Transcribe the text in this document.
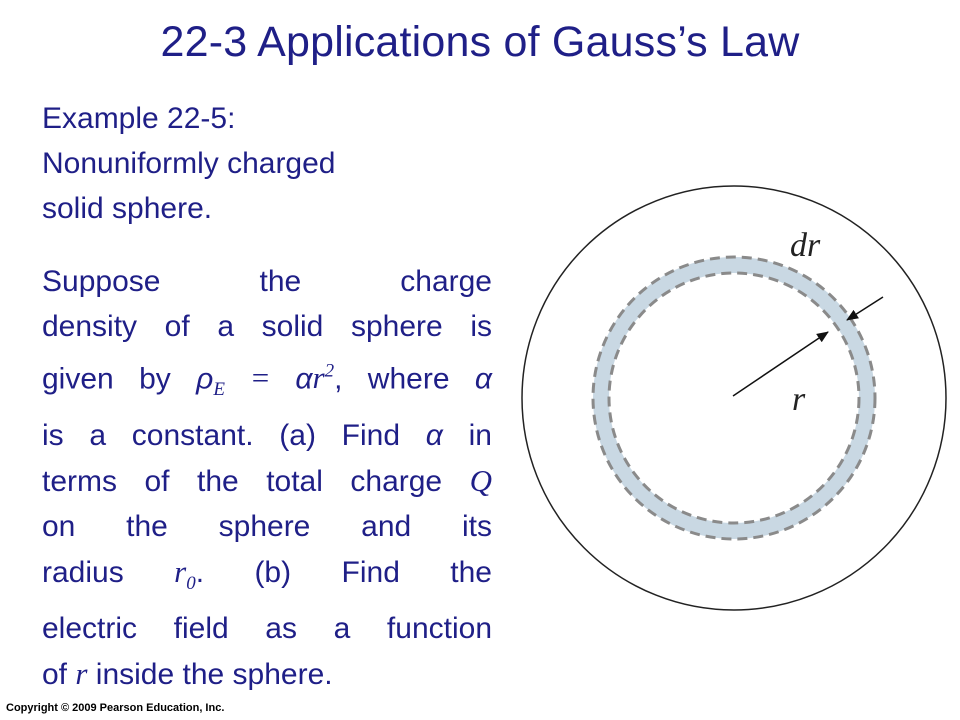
22-3 Applications of Gauss’s Law
Example 22-5:
Nonuniformly charged
solid sphere.
Suppose the charge
density of a solid sphere is
given by $\rho_E = \alpha r^2$, where α
is a constant. (a) Find α in
terms of the total charge Q
on the sphere and its
radius $r_0$. (b) Find the
electric field as a function
of r inside the sphere.
dr
r
Copyright © 2009 Pearson Education, Inc.
